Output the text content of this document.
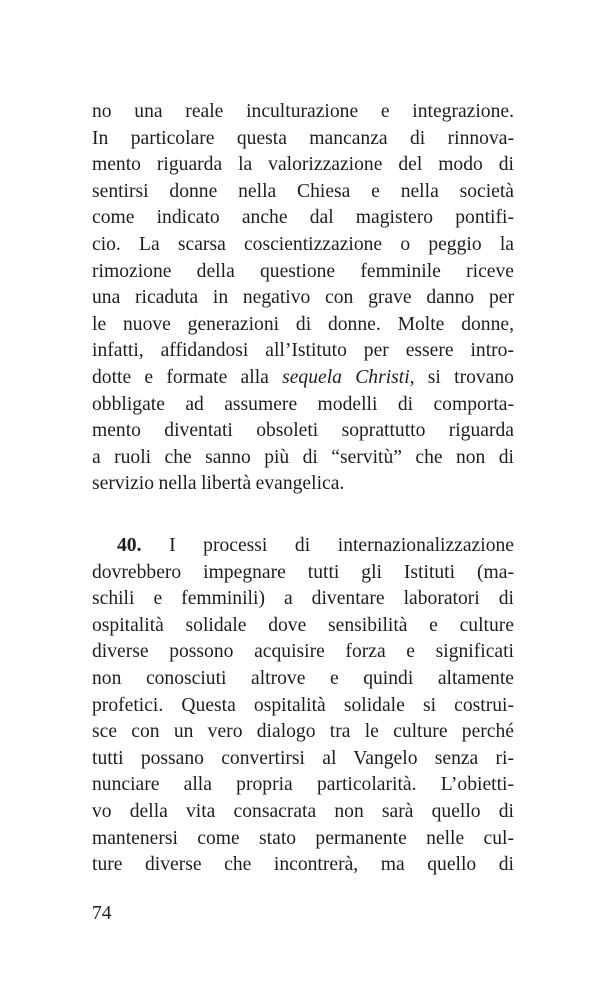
no una reale inculturazione e integrazione.
In particolare questa mancanza di rinnova-
mento riguarda la valorizzazione del modo di
sentirsi donne nella Chiesa e nella società
come indicato anche dal magistero pontifi-
cio. La scarsa coscientizzazione o peggio la
rimozione della questione femminile riceve
una ricaduta in negativo con grave danno per
le nuove generazioni di donne. Molte donne,
infatti, affidandosi all’Istituto per essere intro-
dotte e formate alla sequela Christi, si trovano
obbligate ad assumere modelli di comporta-
mento diventati obsoleti soprattutto riguarda
a ruoli che sanno più di “servitù” che non di
servizio nella libertà evangelica.
40. I processi di internazionalizzazione
dovrebbero impegnare tutti gli Istituti (ma-
schili e femminili) a diventare laboratori di
ospitalità solidale dove sensibilità e culture
diverse possono acquisire forza e significati
non conosciuti altrove e quindi altamente
profetici. Questa ospitalità solidale si costrui-
sce con un vero dialogo tra le culture perché
tutti possano convertirsi al Vangelo senza ri-
nunciare alla propria particolarità. L’obietti-
vo della vita consacrata non sarà quello di
mantenersi come stato permanente nelle cul-
ture diverse che incontrerà, ma quello di
74
